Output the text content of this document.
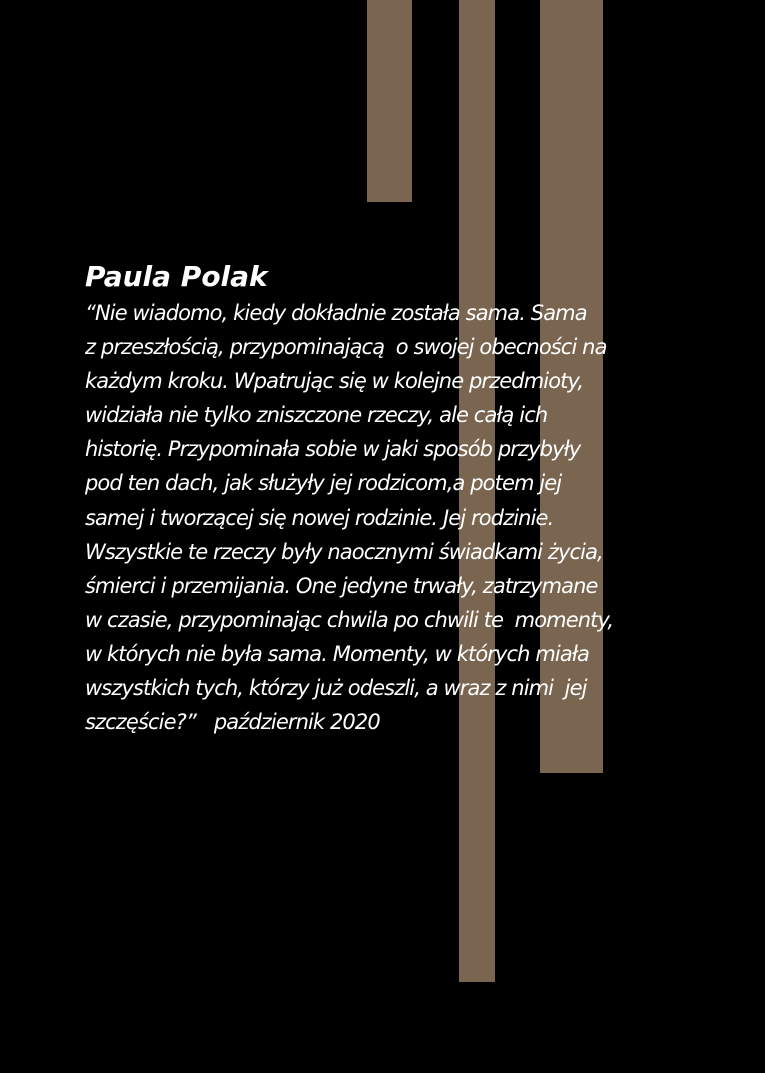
Paula Polak

“Nie wiadomo, kiedy dokładnie została sama. Sama
z przeszłością, przypominającą  o swojej obecności na
każdym kroku. Wpatrując się w kolejne przedmioty,
widziała nie tylko zniszczone rzeczy, ale całą ich
historię. Przypominała sobie w jaki sposób przybyły
pod ten dach, jak służyły jej rodzicom,a potem jej
samej i tworzącej się nowej rodzinie. Jej rodzinie.
Wszystkie te rzeczy były naocznymi świadkami życia,
śmierci i przemijania. One jedyne trwały, zatrzymane
w czasie, przypominając chwila po chwili te  momenty,
w których nie była sama. Momenty, w których miała
wszystkich tych, którzy już odeszli, a wraz z nimi  jej
szczęście?” październik 2020
